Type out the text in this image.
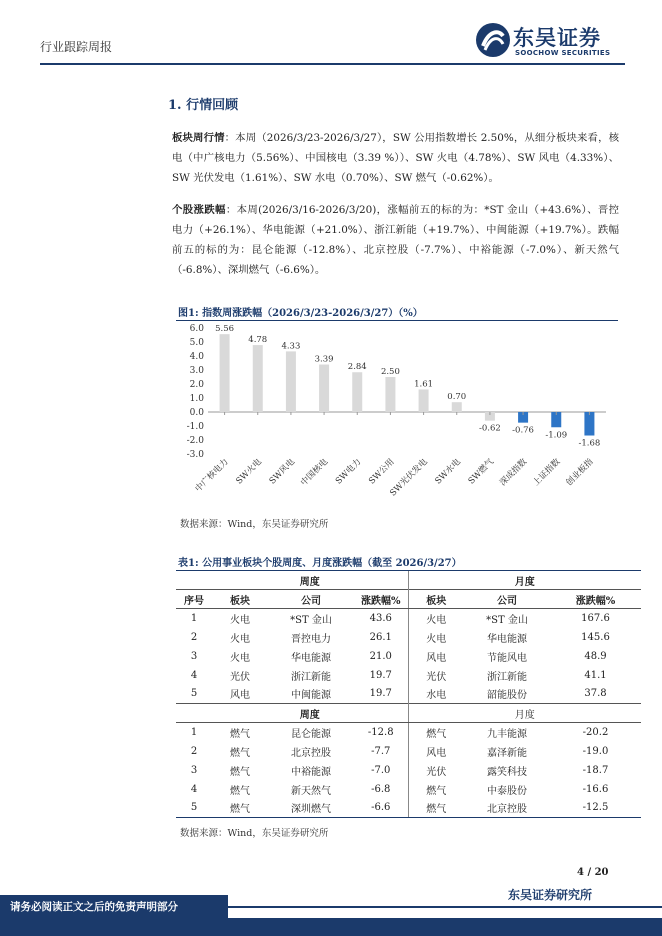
行业跟踪周报	东吴证券
SOOCHOW SECURITIES
1. 行情回顾
板块周行情：本周（2026/3/23-2026/3/27），SW 公用指数增长 2.50%，从细分板块来看，核电（中广核电力（5.56%）、中国核电（3.39 %））、SW 火电（4.78%）、SW 风电（4.33%）、SW 光伏发电（1.61%）、SW 水电（0.70%）、SW 燃气（-0.62%）。
个股涨跌幅：本周(2026/3/16-2026/3/20)，涨幅前五的标的为：*ST 金山（+43.6%）、晋控电力（+26.1%）、华电能源（+21.0%）、浙江新能（+19.7%）、中闽能源（+19.7%）。跌幅前五的标的为：昆仑能源（-12.8%）、北京控股（-7.7%）、中裕能源（-7.0%）、新天然气（-6.8%）、深圳燃气（-6.6%）。
图1: 指数周涨跌幅（2026/3/23-2026/3/27）（%）
6.0
5.0
4.0
3.0
2.0
1.0
0.0
-1.0
-2.0
-3.0
5.56
中广核电力
4.78
SW火电
4.33
SW风电
3.39
中国核电
2.84
SW电力
2.50
SW公用
1.61
SW光伏发电
0.70
SW水电
-0.62
SW燃气
-0.76
深成指数
-1.09
上证指数
-1.68
创业板指
数据来源：Wind，东吴证券研究所
表1: 公用事业板块个股周度、月度涨跌幅（截至 2026/3/27）
	周度			月度		
序号	板块	公司	涨跌幅%	板块	公司	涨跌幅%
1	火电	*ST 金山	43.6	火电	*ST 金山	167.6
2	火电	晋控电力	26.1	火电	华电能源	145.6
3	火电	华电能源	21.0	风电	节能风电	48.9
4	光伏	浙江新能	19.7	光伏	浙江新能	41.1
5	风电	中闽能源	19.7	水电	韶能股份	37.8
	周度			月度		
1	燃气	昆仑能源	-12.8	燃气	九丰能源	-20.2
2	燃气	北京控股	-7.7	风电	嘉泽新能	-19.0
3	燃气	中裕能源	-7.0	光伏	露笑科技	-18.7
4	燃气	新天然气	-6.8	燃气	中泰股份	-16.6
5	燃气	深圳燃气	-6.6	燃气	北京控股	-12.5
数据来源：Wind，东吴证券研究所
4 / 20
东吴证券研究所
请务必阅读正文之后的免责声明部分
